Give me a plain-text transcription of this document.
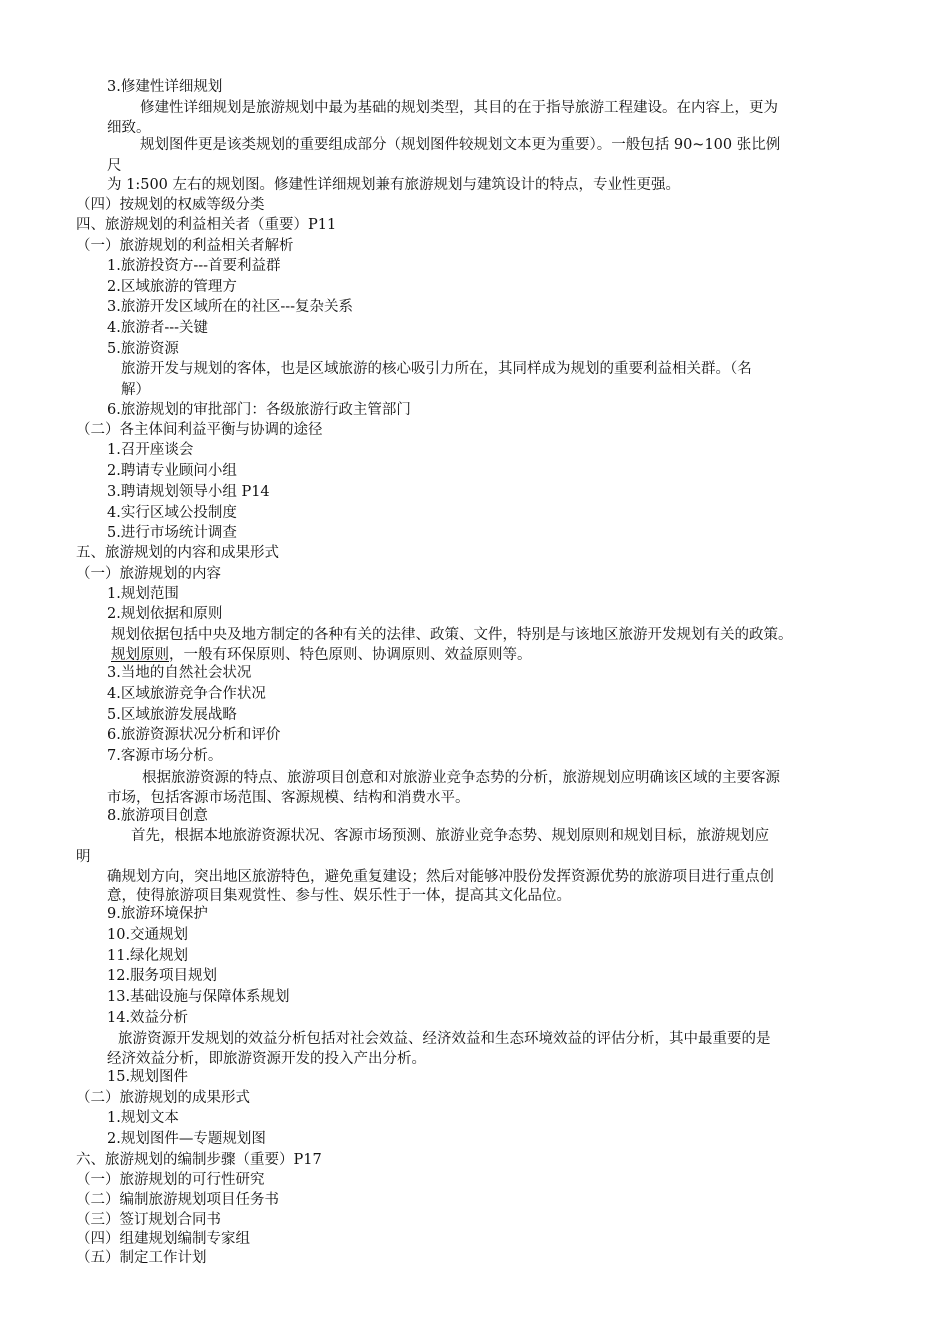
3.修建性详细规划
修建性详细规划是旅游规划中最为基础的规划类型，其目的在于指导旅游工程建设。在内容上，更为
细致。
规划图件更是该类规划的重要组成部分（规划图件较规划文本更为重要）。一般包括 90~100 张比例
尺
为 1:500 左右的规划图。修建性详细规划兼有旅游规划与建筑设计的特点，专业性更强。
（四）按规划的权威等级分类
四、旅游规划的利益相关者（重要）P11
（一）旅游规划的利益相关者解析
1.旅游投资方---首要利益群
2.区域旅游的管理方
3.旅游开发区域所在的社区---复杂关系
4.旅游者---关键
5.旅游资源
旅游开发与规划的客体，也是区域旅游的核心吸引力所在，其同样成为规划的重要利益相关群。（名
解）
6.旅游规划的审批部门：各级旅游行政主管部门
（二）各主体间利益平衡与协调的途径
1.召开座谈会
2.聘请专业顾问小组
3.聘请规划领导小组 P14
4.实行区域公投制度
5.进行市场统计调查
五、旅游规划的内容和成果形式
（一）旅游规划的内容
1.规划范围
2.规划依据和原则
规划依据包括中央及地方制定的各种有关的法律、政策、文件，特别是与该地区旅游开发规划有关的政策。
规划原则，一般有环保原则、特色原则、协调原则、效益原则等。
3.当地的自然社会状况
4.区域旅游竞争合作状况
5.区域旅游发展战略
6.旅游资源状况分析和评价
7.客源市场分析。
根据旅游资源的特点、旅游项目创意和对旅游业竞争态势的分析，旅游规划应明确该区域的主要客源
市场，包括客源市场范围、客源规模、结构和消费水平。
8.旅游项目创意
首先，根据本地旅游资源状况、客源市场预测、旅游业竞争态势、规划原则和规划目标，旅游规划应
明
确规划方向，突出地区旅游特色，避免重复建设；然后对能够冲股份发挥资源优势的旅游项目进行重点创
意，使得旅游项目集观赏性、参与性、娱乐性于一体，提高其文化品位。
9.旅游环境保护
10.交通规划
11.绿化规划
12.服务项目规划
13.基础设施与保障体系规划
14.效益分析
旅游资源开发规划的效益分析包括对社会效益、经济效益和生态环境效益的评估分析，其中最重要的是
经济效益分析，即旅游资源开发的投入产出分析。
15.规划图件
（二）旅游规划的成果形式
1.规划文本
2.规划图件—专题规划图
六、旅游规划的编制步骤（重要）P17
（一）旅游规划的可行性研究
（二）编制旅游规划项目任务书
（三）签订规划合同书
（四）组建规划编制专家组
（五）制定工作计划
